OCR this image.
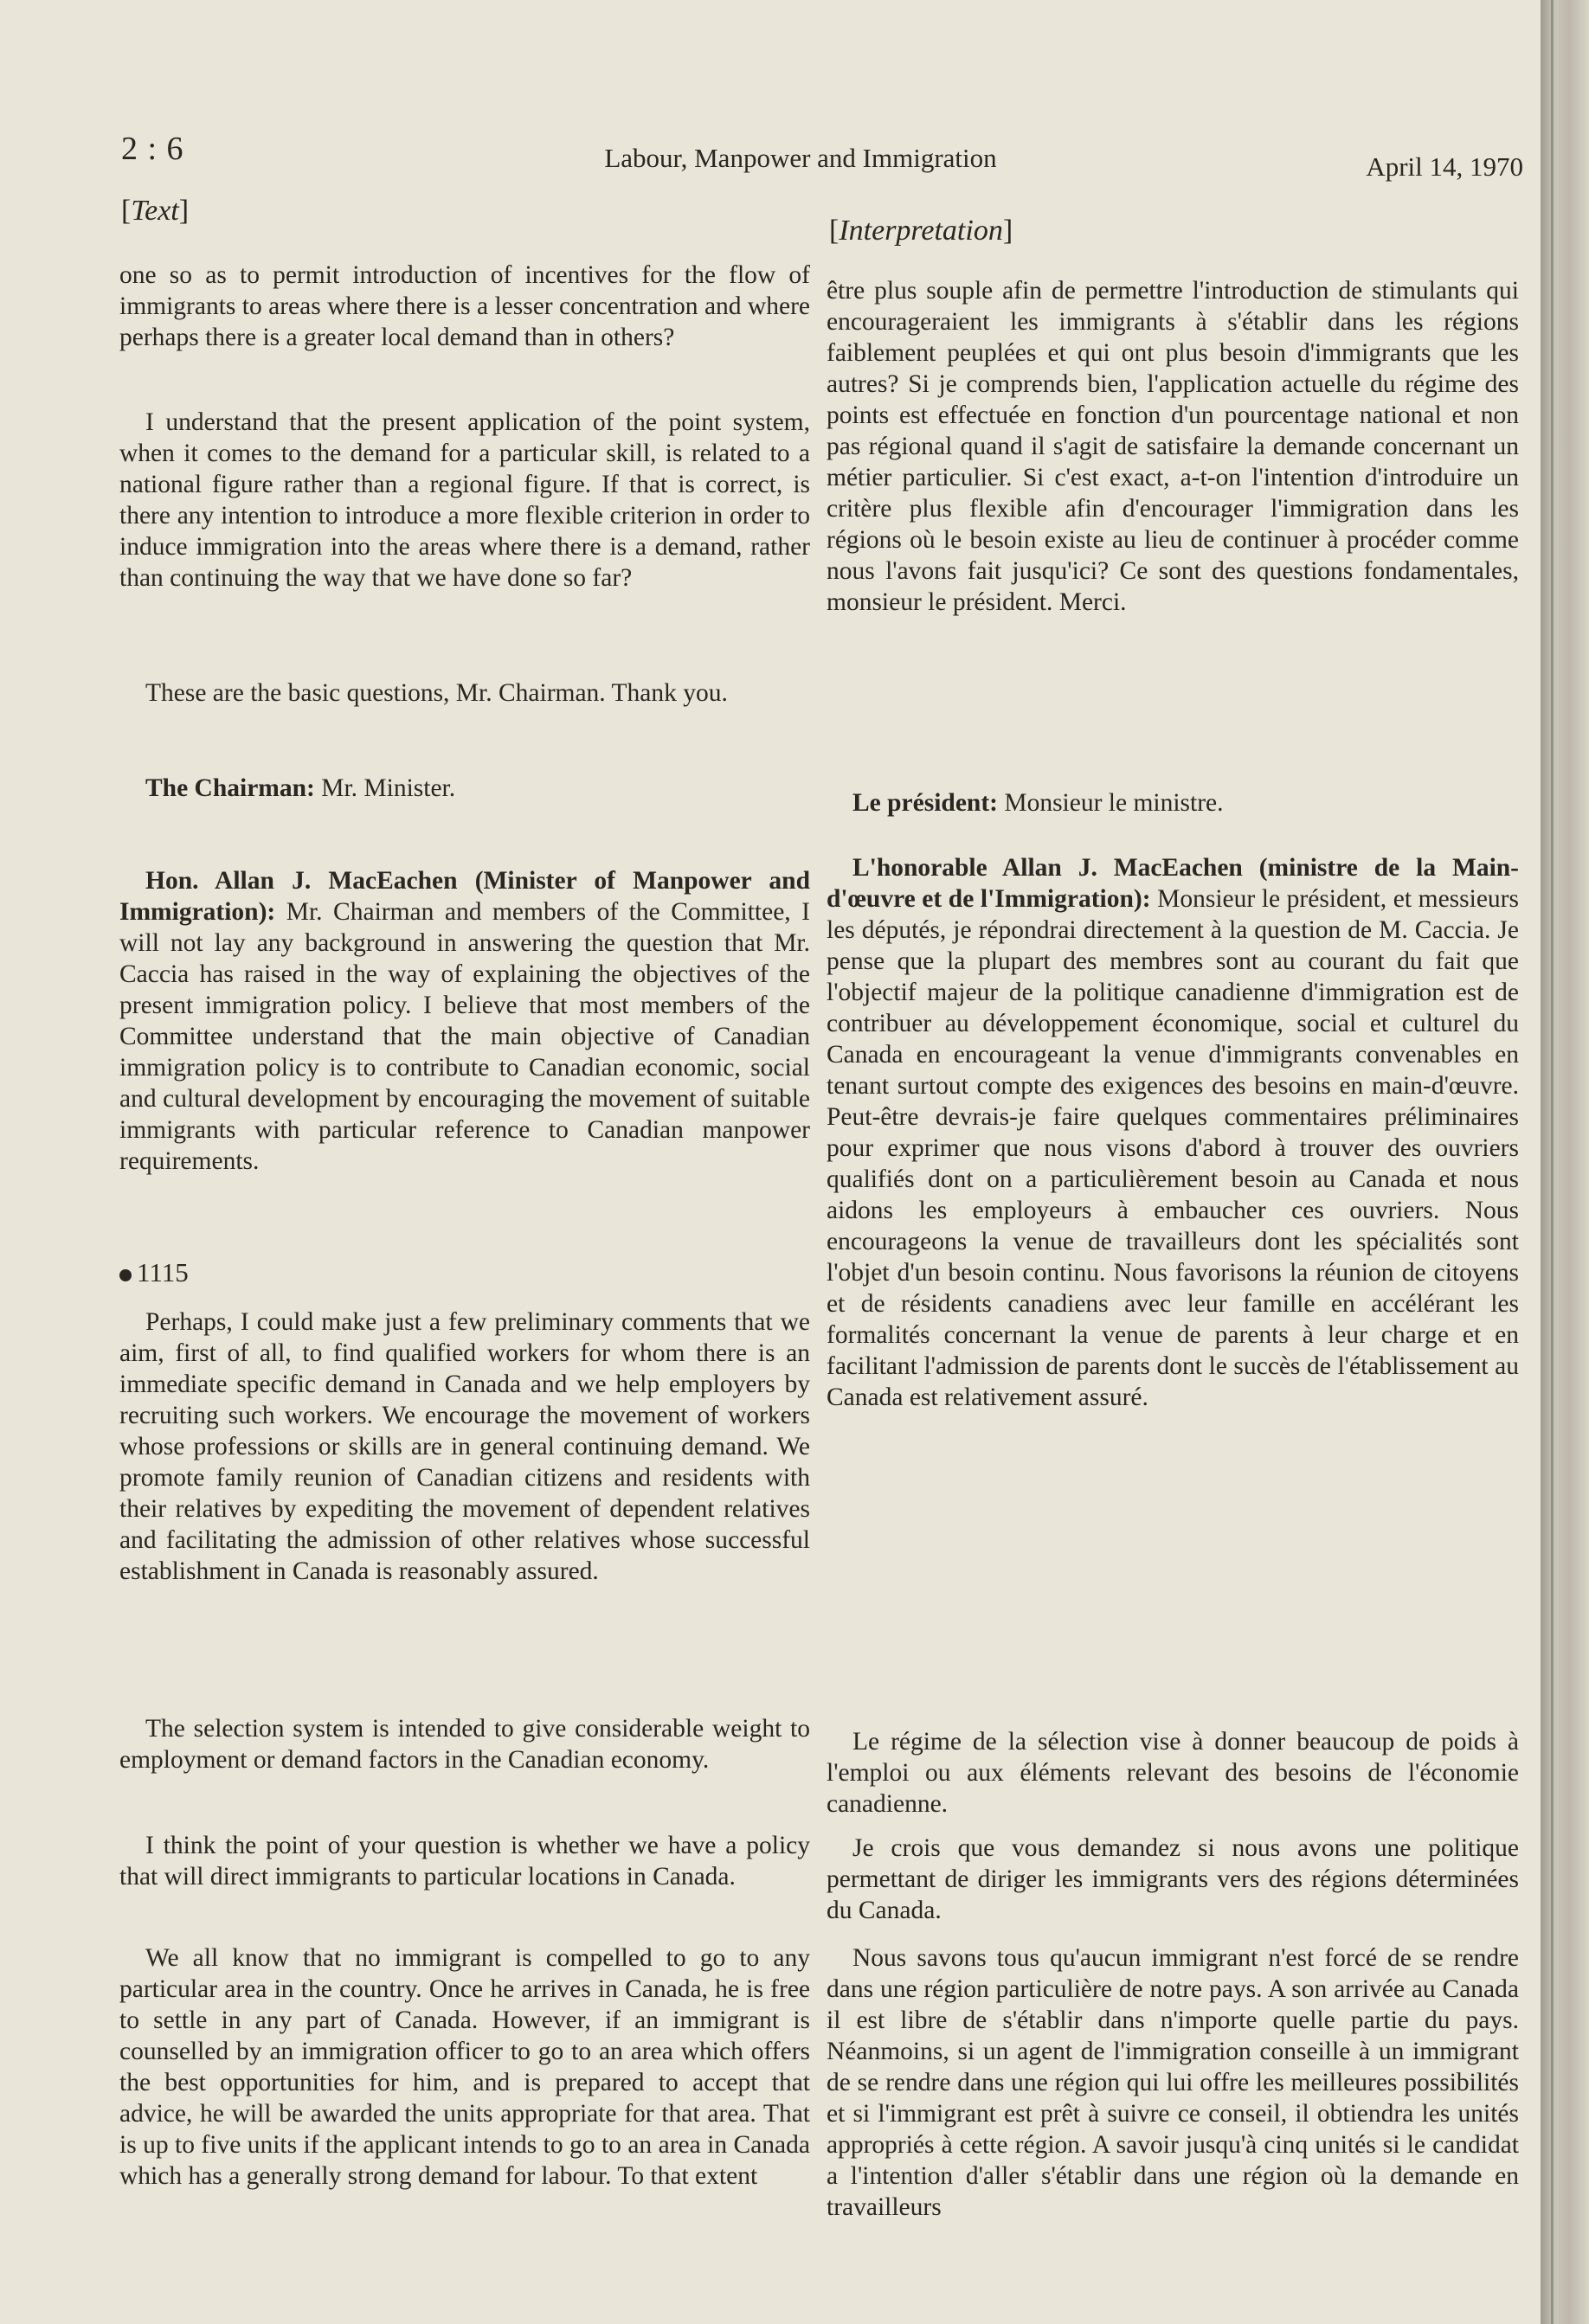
2 : 6	Labour, Manpower and Immigration	April 14, 1970
[Text]
[Interpretation]

one so as to permit introduction of incentives for the flow of immigrants to areas where there is a lesser concentration and where perhaps there is a greater local demand than in others?

I understand that the present application of the point system, when it comes to the demand for a particular skill, is related to a national figure rather than a regional figure. If that is correct, is there any intention to introduce a more flexible criterion in order to induce immigration into the areas where there is a demand, rather than continuing the way that we have done so far?

These are the basic questions, Mr. Chairman. Thank you.

The Chairman: Mr. Minister.

Hon. Allan J. MacEachen (Minister of Manpower and Immigration): Mr. Chairman and members of the Committee, I will not lay any background in answering the question that Mr. Caccia has raised in the way of explaining the objectives of the present immigration policy. I believe that most members of the Committee understand that the main objective of Canadian immigration policy is to contribute to Canadian economic, social and cultural development by encouraging the movement of suitable immigrants with particular reference to Canadian manpower requirements.

1115

Perhaps, I could make just a few preliminary comments that we aim, first of all, to find qualified workers for whom there is an immediate specific demand in Canada and we help employers by recruiting such workers. We encourage the movement of workers whose professions or skills are in general continuing demand. We promote family reunion of Canadian citizens and residents with their relatives by expediting the movement of dependent relatives and facilitating the admission of other relatives whose successful establishment in Canada is reasonably assured.

The selection system is intended to give considerable weight to employment or demand factors in the Canadian economy.

I think the point of your question is whether we have a policy that will direct immigrants to particular locations in Canada.

We all know that no immigrant is compelled to go to any particular area in the country. Once he arrives in Canada, he is free to settle in any part of Canada. However, if an immigrant is counselled by an immigration officer to go to an area which offers the best opportunities for him, and is prepared to accept that advice, he will be awarded the units appropriate for that area. That is up to five units if the applicant intends to go to an area in Canada which has a generally strong demand for labour. To that extent

être plus souple afin de permettre l'introduction de stimulants qui encourageraient les immigrants à s'établir dans les régions faiblement peuplées et qui ont plus besoin d'immigrants que les autres? Si je comprends bien, l'application actuelle du régime des points est effectuée en fonction d'un pourcentage national et non pas régional quand il s'agit de satisfaire la demande concernant un métier particulier. Si c'est exact, a-t-on l'intention d'introduire un critère plus flexible afin d'encourager l'immigration dans les régions où le besoin existe au lieu de continuer à procéder comme nous l'avons fait jusqu'ici? Ce sont des questions fondamentales, monsieur le président. Merci.

Le président: Monsieur le ministre.

L'honorable Allan J. MacEachen (ministre de la Main-d'œuvre et de l'Immigration): Monsieur le président, et messieurs les députés, je répondrai directement à la question de M. Caccia. Je pense que la plupart des membres sont au courant du fait que l'objectif majeur de la politique canadienne d'immigration est de contribuer au développement économique, social et culturel du Canada en encourageant la venue d'immigrants convenables en tenant surtout compte des exigences des besoins en main-d'œuvre. Peut-être devrais-je faire quelques commentaires préliminaires pour exprimer que nous visons d'abord à trouver des ouvriers qualifiés dont on a particulièrement besoin au Canada et nous aidons les employeurs à embaucher ces ouvriers. Nous encourageons la venue de travailleurs dont les spécialités sont l'objet d'un besoin continu. Nous favorisons la réunion de citoyens et de résidents canadiens avec leur famille en accélérant les formalités concernant la venue de parents à leur charge et en facilitant l'admission de parents dont le succès de l'établissement au Canada est relativement assuré.

Le régime de la sélection vise à donner beaucoup de poids à l'emploi ou aux éléments relevant des besoins de l'économie canadienne.

Je crois que vous demandez si nous avons une politique permettant de diriger les immigrants vers des régions déterminées du Canada.

Nous savons tous qu'aucun immigrant n'est forcé de se rendre dans une région particulière de notre pays. A son arrivée au Canada il est libre de s'établir dans n'importe quelle partie du pays. Néanmoins, si un agent de l'immigration conseille à un immigrant de se rendre dans une région qui lui offre les meilleures possibilités et si l'immigrant est prêt à suivre ce conseil, il obtiendra les unités appropriés à cette région. A savoir jusqu'à cinq unités si le candidat a l'intention d'aller s'établir dans une région où la demande en travailleurs
